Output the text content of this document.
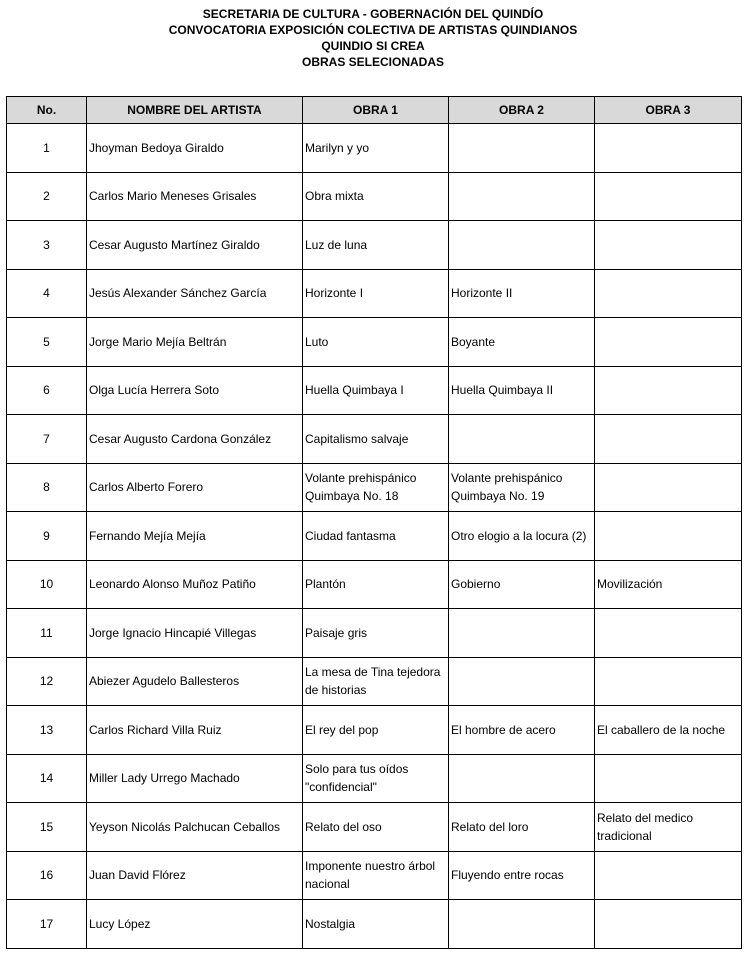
SECRETARIA DE CULTURA - GOBERNACIÓN DEL QUINDÍO
CONVOCATORIA EXPOSICIÓN COLECTIVA DE ARTISTAS QUINDIANOS
QUINDIO SI CREA
OBRAS SELECIONADAS
No.	NOMBRE DEL ARTISTA	OBRA 1	OBRA 2	OBRA 3
1	Jhoyman Bedoya Giraldo	Marilyn y yo		
2	Carlos Mario Meneses Grisales	Obra mixta		
3	Cesar Augusto Martínez Giraldo	Luz de luna		
4	Jesús Alexander Sánchez García	Horizonte I	Horizonte II	
5	Jorge Mario Mejía Beltrán	Luto	Boyante	
6	Olga Lucía Herrera Soto	Huella Quimbaya I	Huella Quimbaya II	
7	Cesar Augusto Cardona González	Capitalismo salvaje		
8	Carlos Alberto Forero	Volante prehispánico Quimbaya No. 18	Volante prehispánico Quimbaya No. 19	
9	Fernando Mejía Mejía	Ciudad fantasma	Otro elogio a la locura (2)	
10	Leonardo Alonso Muñoz Patiño	Plantón	Gobierno	Movilización
11	Jorge Ignacio Hincapié Villegas	Paisaje gris		
12	Abiezer Agudelo Ballesteros	La mesa de Tina tejedora de historias		
13	Carlos Richard Villa Ruiz	El rey del pop	El hombre de acero	El caballero de la noche
14	Miller Lady Urrego Machado	Solo para tus oídos "confidencial"		
15	Yeyson Nicolás Palchucan Ceballos	Relato del oso	Relato del loro	Relato del medico tradicional
16	Juan David Flórez	Imponente nuestro árbol nacional	Fluyendo entre rocas	
17	Lucy López	Nostalgia		
